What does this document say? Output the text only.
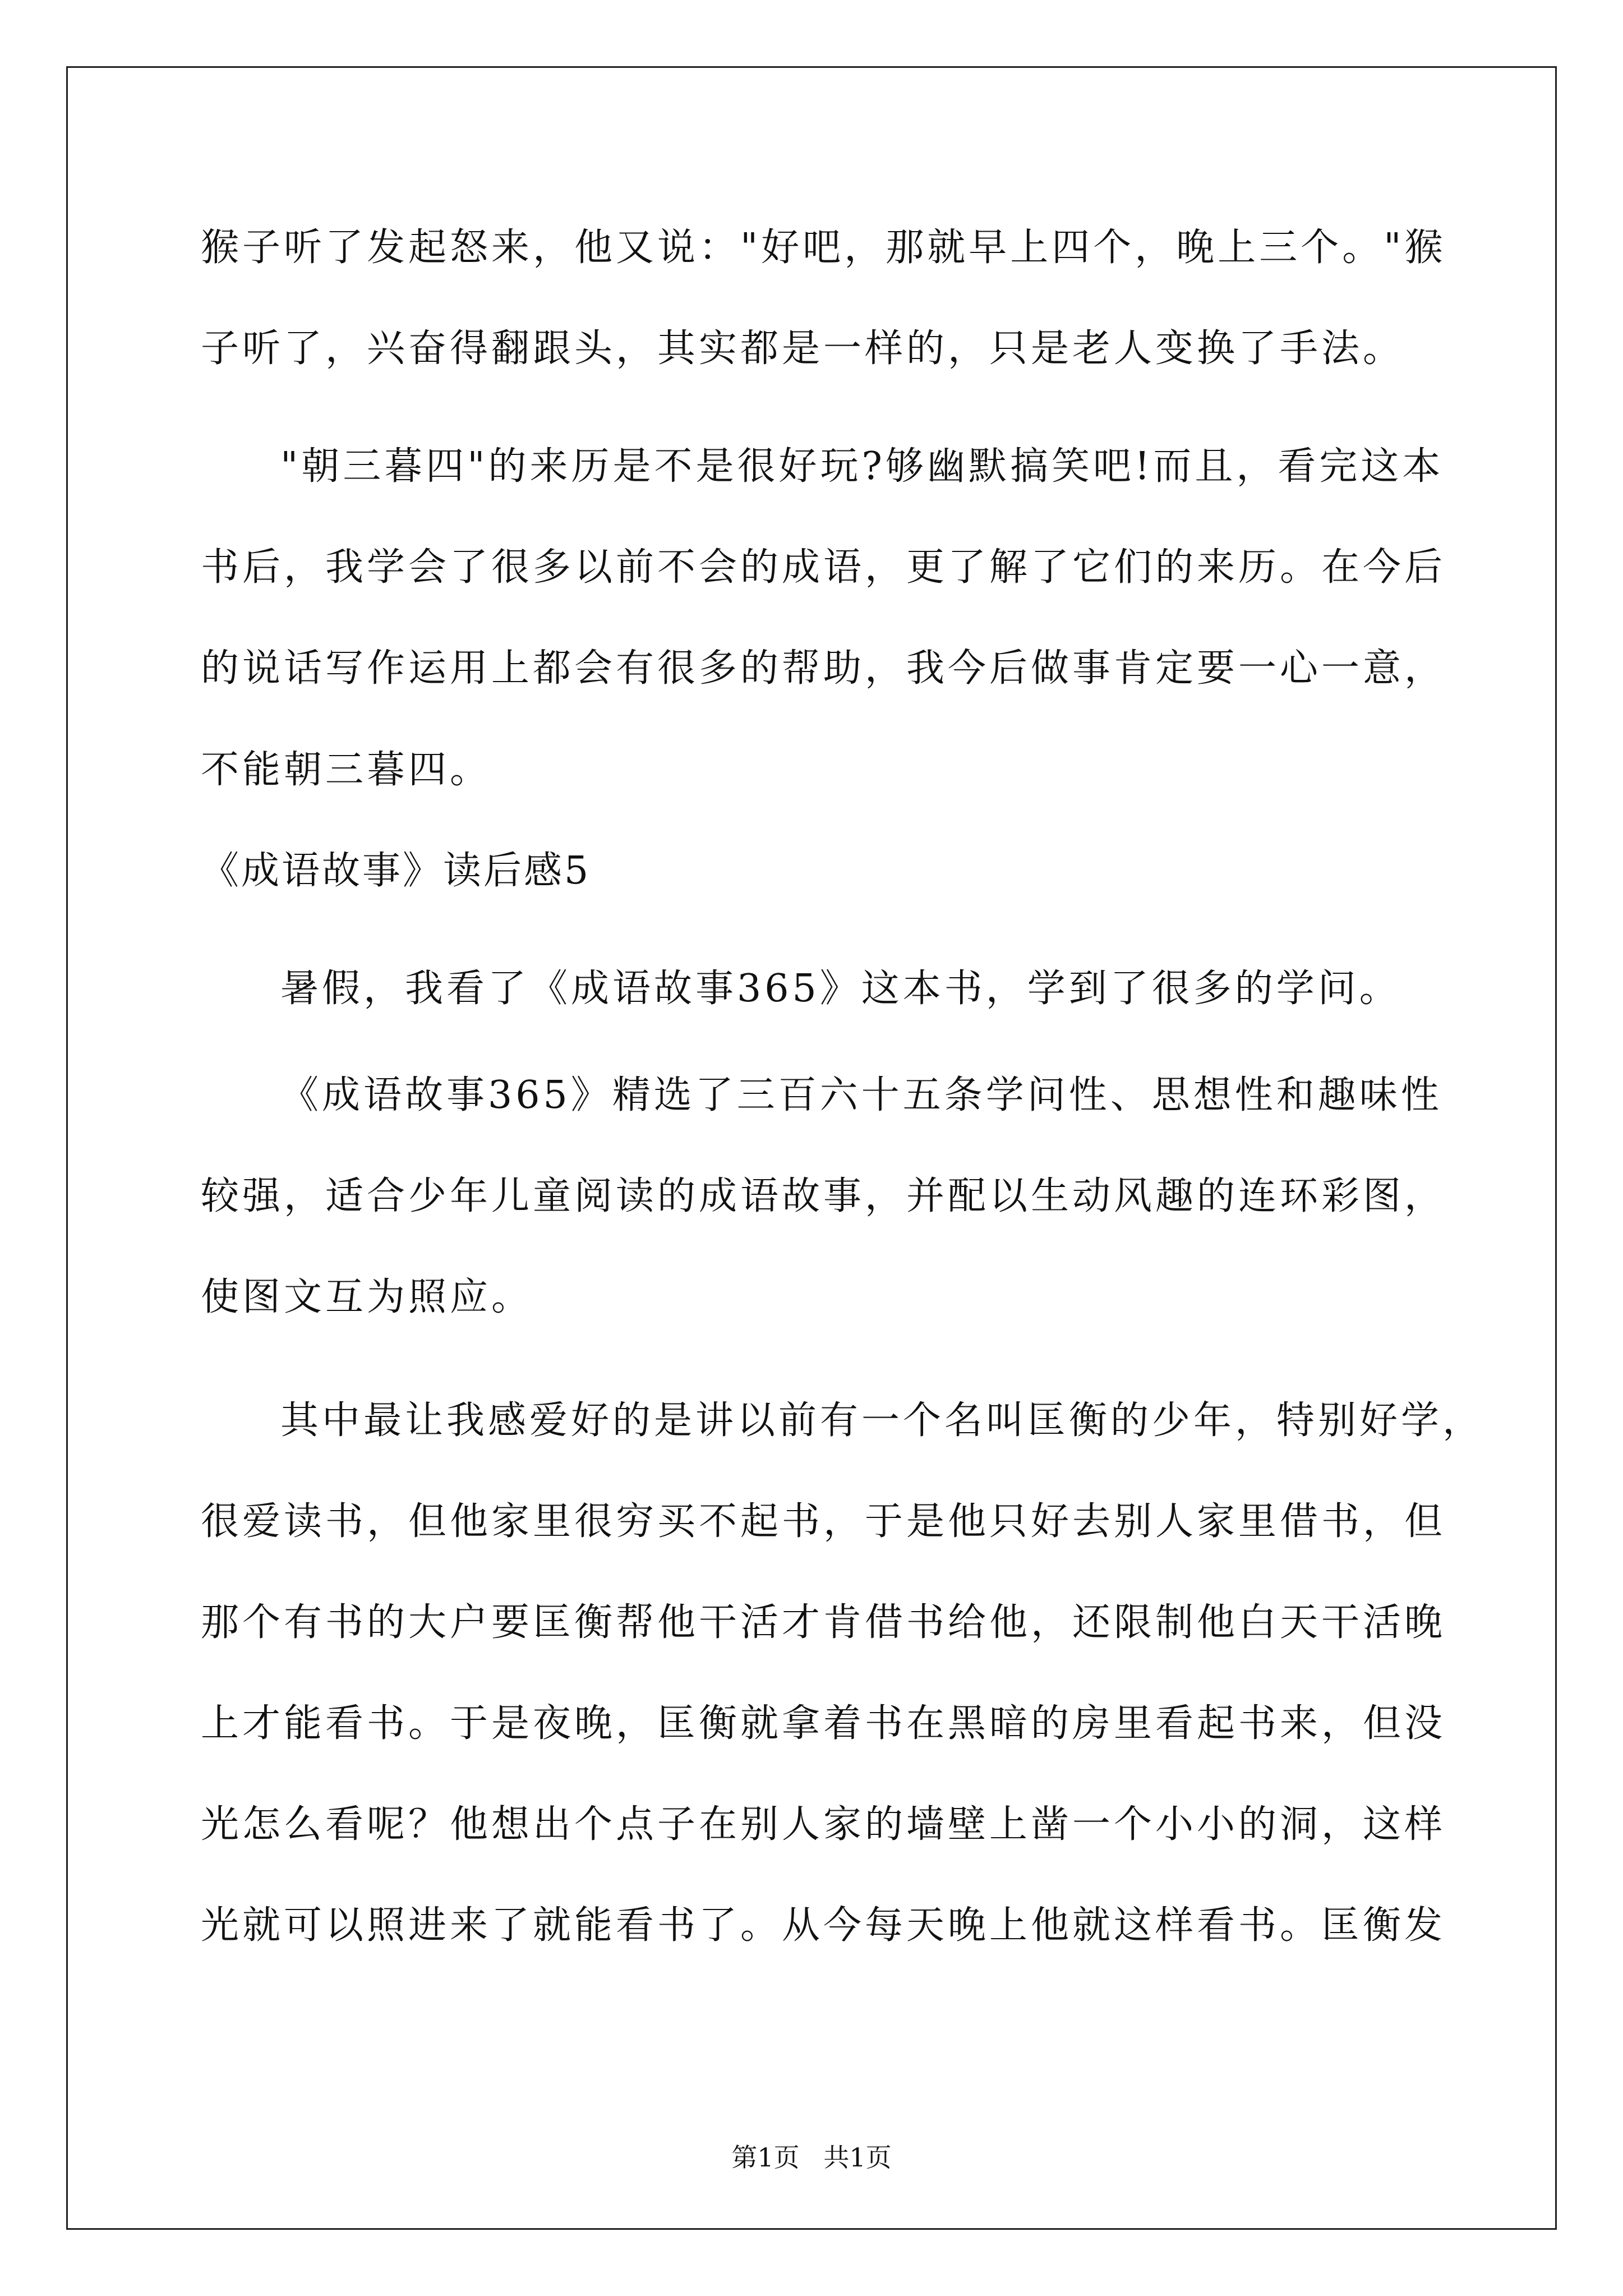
猴子听了发起怒来，他又说："好吧，那就早上四个，晚上三个。"猴
子听了，兴奋得翻跟头，其实都是一样的，只是老人变换了手法。
"朝三暮四"的来历是不是很好玩?够幽默搞笑吧!而且，看完这本
书后，我学会了很多以前不会的成语，更了解了它们的来历。在今后
的说话写作运用上都会有很多的帮助，我今后做事肯定要一心一意，
不能朝三暮四。
《成语故事》读后感5
暑假，我看了《成语故事365》这本书，学到了很多的学问。
《成语故事365》精选了三百六十五条学问性、思想性和趣味性
较强，适合少年儿童阅读的成语故事，并配以生动风趣的连环彩图，
使图文互为照应。
其中最让我感爱好的是讲以前有一个名叫匡衡的少年，特别好学，
很爱读书，但他家里很穷买不起书，于是他只好去别人家里借书，但
那个有书的大户要匡衡帮他干活才肯借书给他，还限制他白天干活晚
上才能看书。于是夜晚，匡衡就拿着书在黑暗的房里看起书来，但没
光怎么看呢？他想出个点子在别人家的墙壁上凿一个小小的洞，这样
光就可以照进来了就能看书了。从今每天晚上他就这样看书。匡衡发
第1页 共1页
